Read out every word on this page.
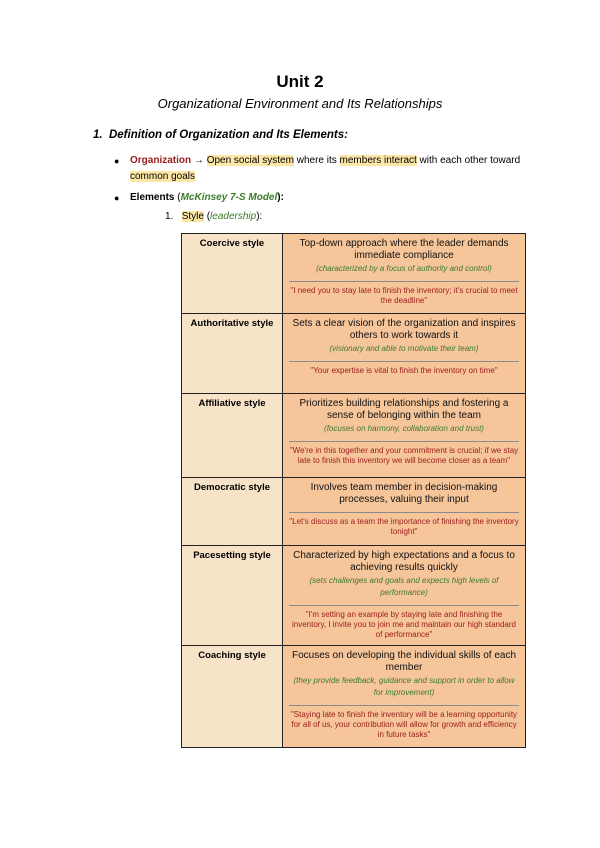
Unit 2
Organizational Environment and Its Relationships
1. Definition of Organization and Its Elements:
● Organization → Open social system where its members interact with each other toward common goals
● Elements (McKinsey 7-S Model):
1. Style (leadership):
Coercive style	Top-down approach where the leader demands immediate compliance
(characterized by a focus of authority and control)
"I need you to stay late to finish the inventory; it's crucial to meet the deadline"

Authoritative style	Sets a clear vision of the organization and inspires others to work towards it
(visionary and able to motivate their team)
"Your expertise is vital to finish the inventory on time"

Affiliative style	Prioritizes building relationships and fostering a sense of belonging within the team
(focuses on harmony, collaboration and trust)
"We're in this together and your commitment is crucial; if we stay late to finish this inventory we will become closer as a team"

Democratic style	Involves team member in decision-making processes, valuing their input
"Let's discuss as a team the importance of finishing the inventory tonight"

Pacesetting style	Characterized by high expectations and a focus to achieving results quickly
(sets challenges and goals and expects high levels of performance)
"I'm setting an example by staying late and finishing the inventory, I invite you to join me and maintain our high standard of performance"

Coaching style	Focuses on developing the individual skills of each member
(they provide feedback, guidance and support in order to allow for improvement)
"Staying late to finish the inventory will be a learning opportunity for all of us, your contribution will allow for growth and efficiency in future tasks"
